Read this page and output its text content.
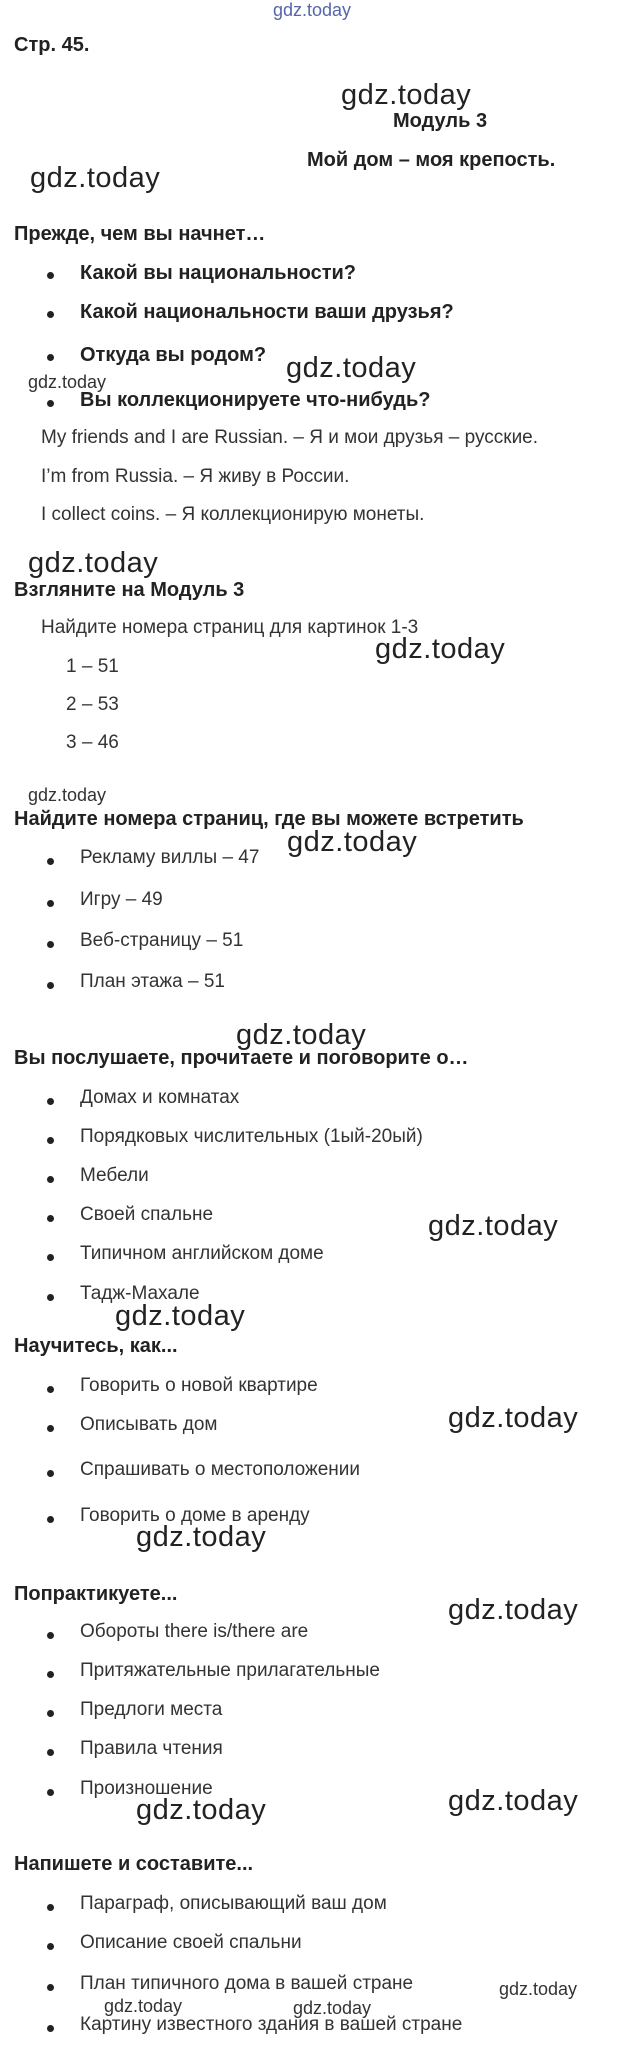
gdz.today
Стр. 45.
gdz.today
Модуль 3
Мой дом – моя крепость.
gdz.today
Прежде, чем вы начнет…
Какой вы национальности?
Какой национальности ваши друзья?
Откуда вы родом? gdz.today
gdz.today
Вы коллекционируете что-нибудь?
My friends and I are Russian. – Я и мои друзья – русские.
I’m from Russia. – Я живу в России.
I collect coins. – Я коллекционирую монеты.
gdz.today
Взгляните на Модуль 3
Найдите номера страниц для картинок 1-3
gdz.today
1 – 51
2 – 53
3 – 46
gdz.today
Найдите номера страниц, где вы можете встретить
Рекламу виллы – 47 gdz.today
Игру – 49
Веб-страницу – 51
План этажа – 51
gdz.today
Вы послушаете, прочитаете и поговорите о…
Домах и комнатах
Порядковых числительных (1ый-20ый)
Мебели
Своей спальне	gdz.today
Типичном английском доме
Тадж-Махале
gdz.today
Научитесь, как...
Говорить о новой квартире
gdz.today
Описывать дом
Спрашивать о местоположении
Говорить о доме в аренду
gdz.today
Попрактикуете...	gdz.today
Обороты there is/there are
Притяжательные прилагательные
Предлоги места
Правила чтения
Произношение
gdz.today	gdz.today
Напишете и составите...
Параграф, описывающий ваш дом
Описание своей спальни
План типичного дома в вашей стране	gdz.today
gdz.today	gdz.today
Картину известного здания в вашей стране
